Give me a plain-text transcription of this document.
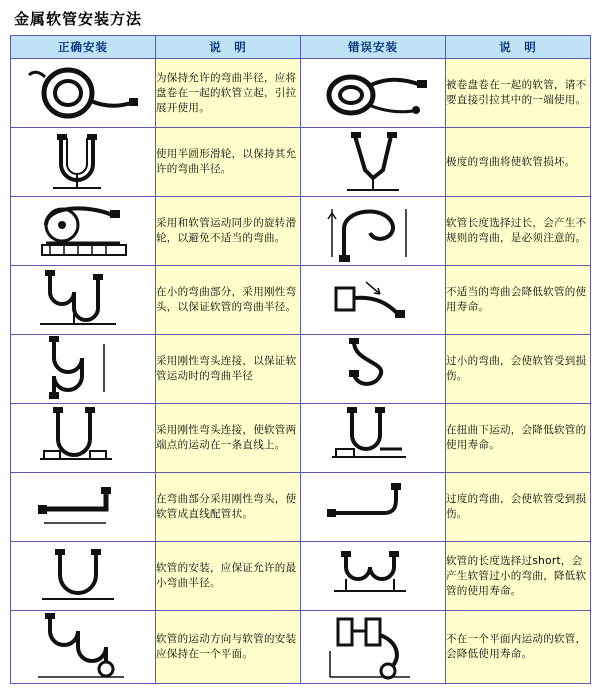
金属软管安装方法
正确安装	说　明	错误安装	说　明

	为保持允许的弯曲半径，应将盘卷在一起的软管立起，引拉展开使用。		被卷盘卷在一起的软管，请不要直接引拉其中的一端使用。

	使用半圆形滑轮，以保持其允许的弯曲半径。		极度的弯曲将使软管损坏。

	采用和软管运动同步的旋转滑轮，以避免不适当的弯曲。		软管长度选择过长，会产生不规则的弯曲，是必须注意的。

	在小的弯曲部分，采用刚性弯头，以保证软管的弯曲半径。		不适当的弯曲会降低软管的使用寿命。

	采用刚性弯头连接，以保证软管运动时的弯曲半径		过小的弯曲，会使软管受到损伤。

	采用刚性弯头连接，使软管两端点的运动在一条直线上。		在扭曲下运动，会降低软管的使用寿命。

	在弯曲部分采用刚性弯头，使软管成直线配管状。		过度的弯曲，会使软管受到损伤。

	软管的安装，应保证允许的最小弯曲半径。		软管的长度选择过short，会产生软管过小的弯曲，降低软管的使用寿命。

	软管的运动方向与软管的安装应保持在一个平面。		不在一个平面内运动的软管，会降低使用寿命。
